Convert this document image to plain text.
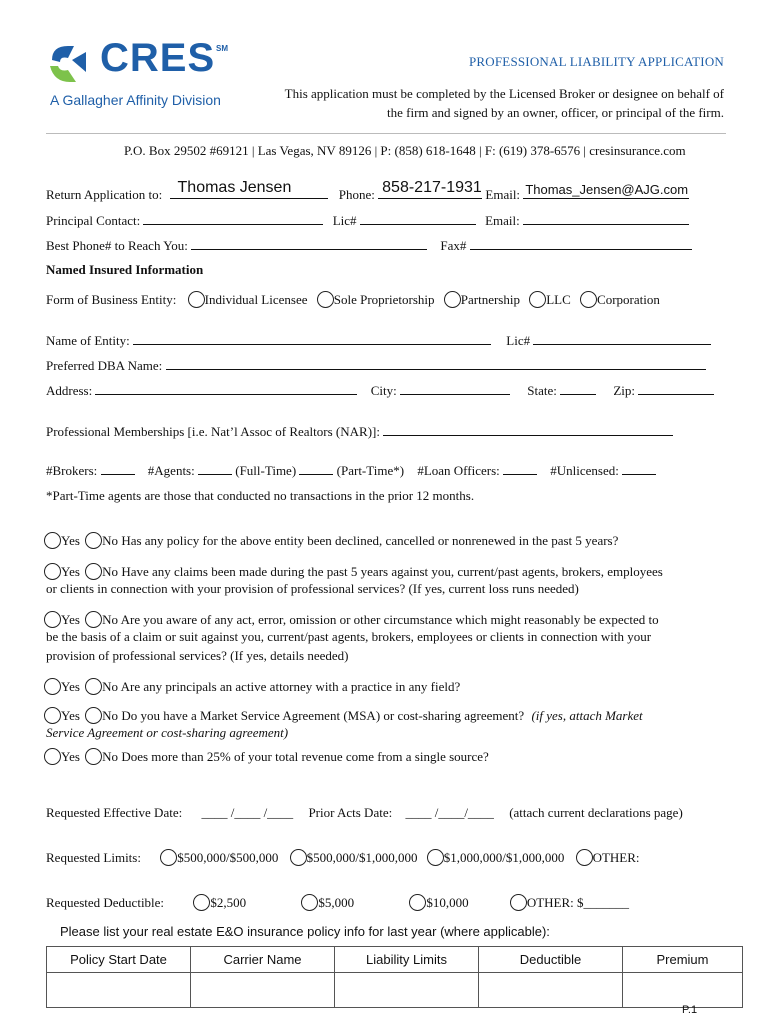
CRES SM
A Gallagher Affinity Division
PROFESSIONAL LIABILITY APPLICATION
This application must be completed by the Licensed Broker or designee on behalf of
the firm and signed by an owner, officer, or principal of the firm.
P.O. Box 29502 #69121 | Las Vegas, NV 89126 | P: (858) 618-1648 | F: (619) 378-6576 | cresinsurance.com
Return Application to: Thomas Jensen	Phone: 858-217-1931 Email: Thomas_Jensen@AJG.com
Principal Contact:	Lic#	Email:
Best Phone# to Reach You:	Fax#
Named Insured Information
Form of Business Entity: Individual Licensee Sole Proprietorship Partnership LLC Corporation
Name of Entity:	Lic#
Preferred DBA Name:
Address:	City:	State:	Zip:
Professional Memberships [i.e. Nat’l Assoc of Realtors (NAR)]:
#Brokers:	#Agents:	(Full-Time)	(Part-Time*) #Loan Officers:	#Unlicensed:
*Part-Time agents are those that conducted no transactions in the prior 12 months.
Yes No Has any policy for the above entity been declined, cancelled or nonrenewed in the past 5 years?
Yes No Have any claims been made during the past 5 years against you, current/past agents, brokers, employees
or clients in connection with your provision of professional services? (If yes, current loss runs needed)
Yes No Are you aware of any act, error, omission or other circumstance which might reasonably be expected to
be the basis of a claim or suit against you, current/past agents, brokers, employees or clients in connection with your
provision of professional services? (If yes, details needed)
Yes No Are any principals an active attorney with a practice in any field?
Yes No Do you have a Market Service Agreement (MSA) or cost-sharing agreement? (if yes, attach Market
Service Agreement or cost-sharing agreement)
Yes No Does more than 25% of your total revenue come from a single source?
Requested Effective Date: ____ /____ /____ Prior Acts Date: ____ /____/____ (attach current declarations page)
Requested Limits:	$500,000/$500,000 $500,000/$1,000,000 $1,000,000/$1,000,000 OTHER:
Requested Deductible:	$2,500	$5,000	$10,000	OTHER: $_______
Please list your real estate E&O insurance policy info for last year (where applicable):
Policy Start Date	Carrier Name	Liability Limits	Deductible	Premium

P.1
